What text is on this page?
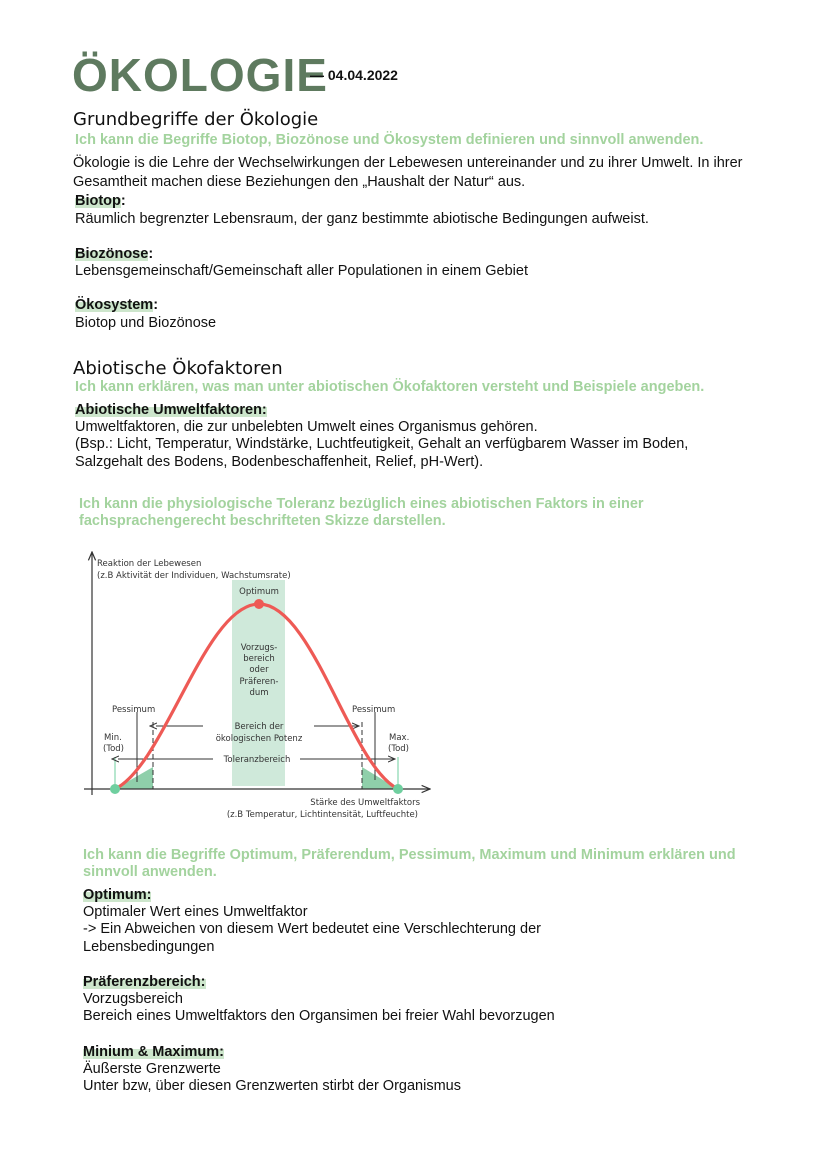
ÖKOLOGIE
— 04.04.2022
Grundbegriffe der Ökologie
Ich kann die Begriffe Biotop, Biozönose und Ökosystem definieren und sinnvoll anwenden.
Ökologie is die Lehre der Wechselwirkungen der Lebewesen untereinander und zu ihrer Umwelt. In ihrer
Gesamtheit machen diese Beziehungen den „Haushalt der Natur“ aus.
Biotop:
Räumlich begrenzter Lebensraum, der ganz bestimmte abiotische Bedingungen aufweist.
Biozönose:
Lebensgemeinschaft/Gemeinschaft aller Populationen in einem Gebiet
Ökosystem:
Biotop und Biozönose
Abiotische Ökofaktoren
Ich kann erklären, was man unter abiotischen Ökofaktoren versteht und Beispiele angeben.
Abiotische Umweltfaktoren:
Umweltfaktoren, die zur unbelebten Umwelt eines Organismus gehören.
(Bsp.: Licht, Temperatur, Windstärke, Luchtfeutigkeit, Gehalt an verfügbarem Wasser im Boden,
Salzgehalt des Bodens, Bodenbeschaffenheit, Relief, pH-Wert).
Ich kann die physiologische Toleranz bezüglich eines abiotischen Faktors in einer
fachsprachengerecht beschrifteten Skizze darstellen.
Reaktion der Lebewesen
(z.B Aktivität der Individuen, Wachstumsrate)
Optimum
Vorzugs-
bereich
oder
Präferen-
dum
Pessimum	Pessimum
Bereich der
ökologischen Potenz
Min.
(Tod)
Max.
(Tod)
Toleranzbereich
Stärke des Umweltfaktors
(z.B Temperatur, Lichtintensität, Luftfeuchte)
Ich kann die Begriffe Optimum, Präferendum, Pessimum, Maximum und Minimum erklären und
sinnvoll anwenden.
Optimum:
Optimaler Wert eines Umweltfaktor
-> Ein Abweichen von diesem Wert bedeutet eine Verschlechterung der
Lebensbedingungen
Präferenzbereich:
Vorzugsbereich
Bereich eines Umweltfaktors den Organsimen bei freier Wahl bevorzugen
Minium & Maximum:
Äußerste Grenzwerte
Unter bzw, über diesen Grenzwerten stirbt der Organismus
